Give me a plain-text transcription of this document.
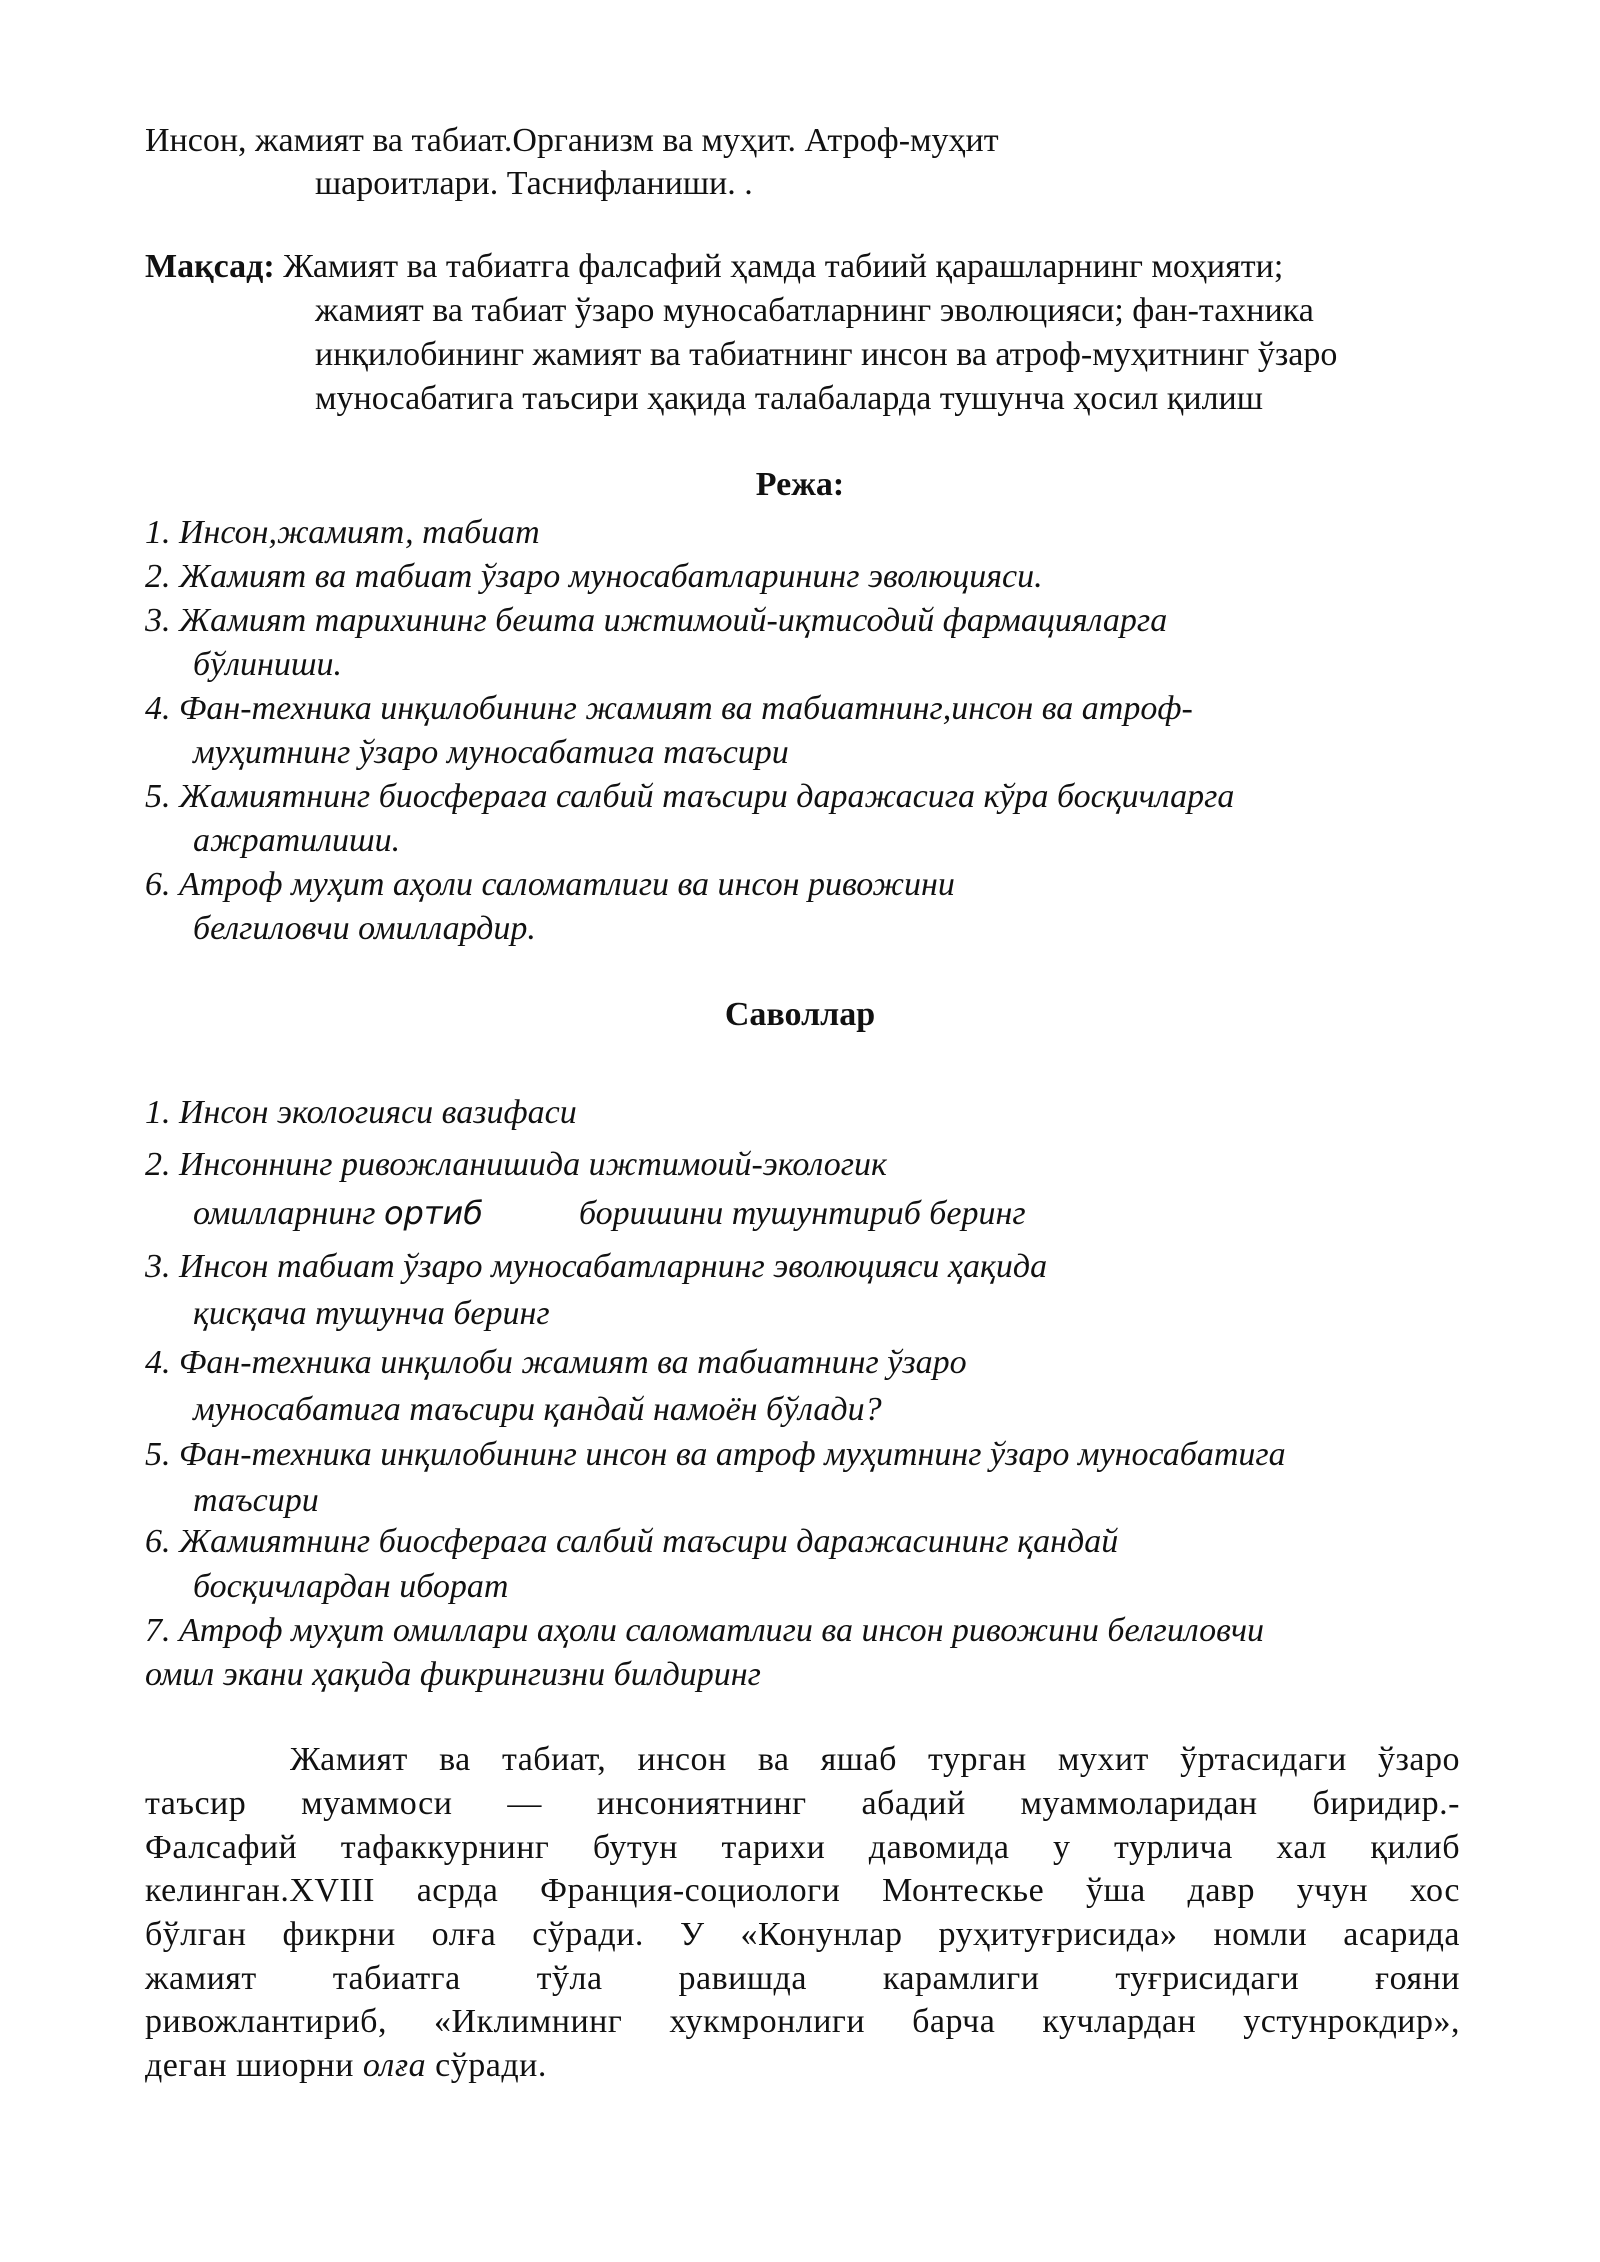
Инсон, жамият ва табиат.Организм ва муҳит. Атроф-муҳит
шароитлари. Таснифланиши. .
Мақсад: Жамият ва табиатга фалсафий ҳамда табиий қарашларнинг моҳияти;
жамият ва табиат ўзаро муносабатларнинг эволюцияси; фан-тахника
инқилобининг жамият ва табиатнинг инсон ва атроф-муҳитнинг ўзаро
муносабатига таъсири ҳақида талабаларда тушунча ҳосил қилиш
Режа:
1. Инсон,жамият, табиат
2. Жамият ва табиат ўзаро муносабатларининг эволюцияси.
3. Жамият тарихининг бешта ижтимоий-иқтисодий фармацияларга
бўлиниши.
4. Фан-техника инқилобининг жамият ва табиатнинг,инсон ва атроф-
муҳитнинг ўзаро муносабатига таъсири
5. Жамиятнинг биосферага салбий таъсири даражасига кўра босқичларга
ажратилиши.
6. Атроф муҳит аҳоли саломатлиги ва инсон ривожини
белгиловчи омиллардир.
Саволлар
1. Инсон экологияси вазифаси
2. Инсоннинг ривожланишида ижтимоий-экологик
омилларнинг ортиб	боришини тушунтириб беринг
3. Инсон табиат ўзаро муносабатларнинг эволюцияси ҳақида
қисқача тушунча беринг
4. Фан-техника инқилоби жамият ва табиатнинг ўзаро
муносабатига таъсири қандай намоён бўлади?
5. Фан-техника инқилобининг инсон ва атроф муҳитнинг ўзаро муносабатига
таъсири
6. Жамиятнинг биосферага салбий таъсири даражасининг қандай
босқичлардан иборат
7. Атроф муҳит омиллари аҳоли саломатлиги ва инсон ривожини белгиловчи
омил экани ҳақида фикрингизни билдиринг
Жамият ва табиат, инсон ва яшаб турган мухит ўртасидаги ўзаро
таъсир муаммоси — инсониятнинг абадий муаммоларидан биридир.-
Фалсафий тафаккурнинг бутун тарихи давомида у турлича хал қилиб
келинган.XVIII асрда Франция-социологи Монтескье ўша давр учун хос
бўлган фикрни олға сўради. У «Конунлар руҳитуғрисида» номли асарида
жамият табиатга тўла равишда карамлиги туғрисидаги ғояни
ривожлантириб, «Иклимнинг хукмронлиги барча кучлардан устунрокдир»,
деган шиорни олға сўради.
